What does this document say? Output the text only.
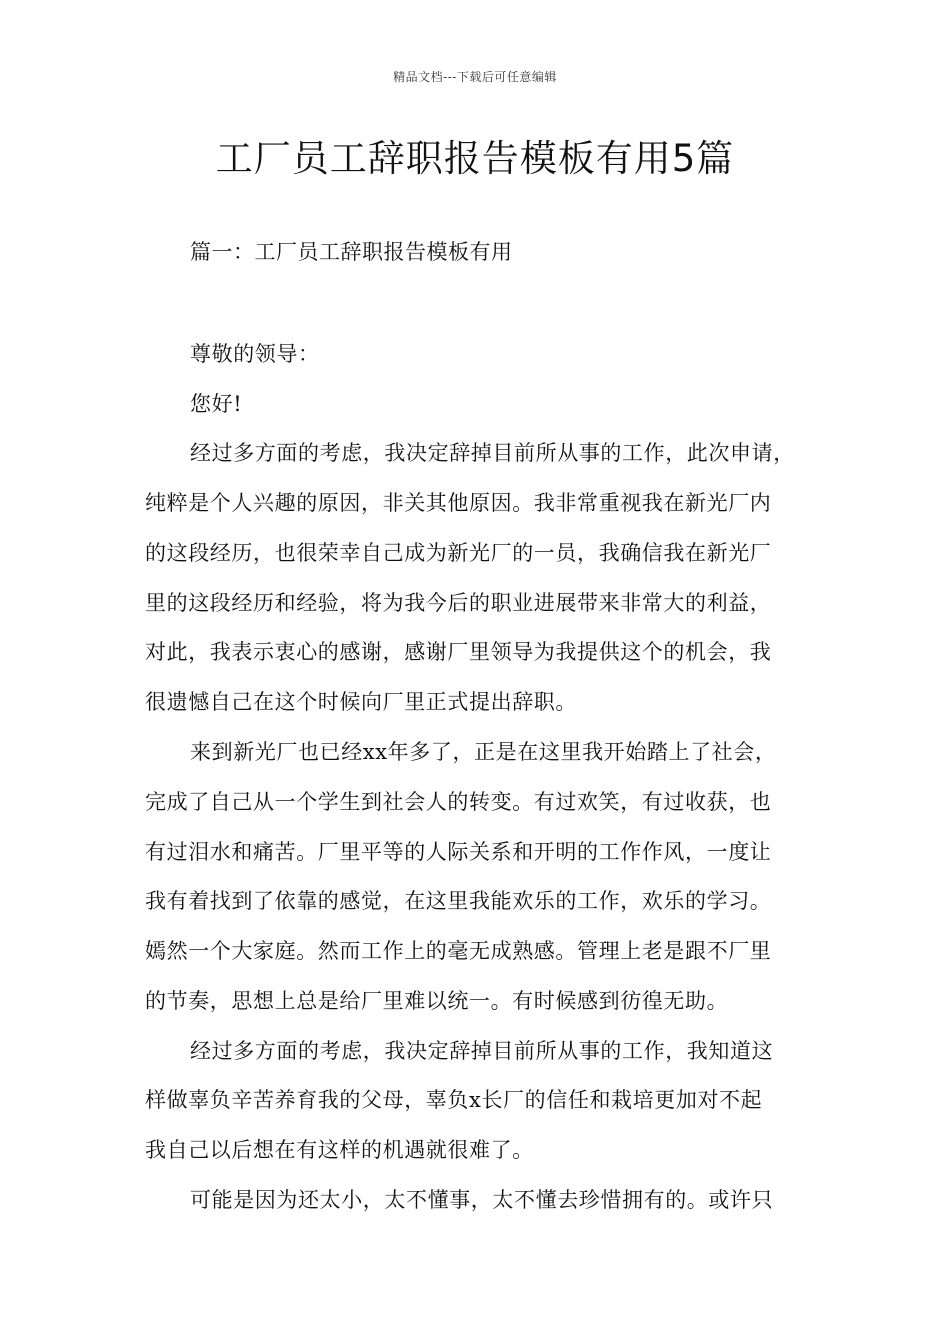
精品文档---下载后可任意编辑
工厂员工辞职报告模板有用5篇
篇一：工厂员工辞职报告模板有用
尊敬的领导：
您好!
经过多方面的考虑，我决定辞掉目前所从事的工作，此次申请，
纯粹是个人兴趣的原因，非关其他原因。我非常重视我在新光厂内
的这段经历，也很荣幸自己成为新光厂的一员，我确信我在新光厂
里的这段经历和经验，将为我今后的职业进展带来非常大的利益，
对此，我表示衷心的感谢，感谢厂里领导为我提供这个的机会，我
很遗憾自己在这个时候向厂里正式提出辞职。
来到新光厂也已经xx年多了，正是在这里我开始踏上了社会，
完成了自己从一个学生到社会人的转变。有过欢笑，有过收获，也
有过泪水和痛苦。厂里平等的人际关系和开明的工作作风，一度让
我有着找到了依靠的感觉，在这里我能欢乐的工作，欢乐的学习。
嫣然一个大家庭。然而工作上的毫无成熟感。管理上老是跟不厂里
的节奏，思想上总是给厂里难以统一。有时候感到彷徨无助。
经过多方面的考虑，我决定辞掉目前所从事的工作，我知道这
样做辜负辛苦养育我的父母，辜负x长厂的信任和栽培更加对不起
我自己以后想在有这样的机遇就很难了。
可能是因为还太小，太不懂事，太不懂去珍惜拥有的。或许只
